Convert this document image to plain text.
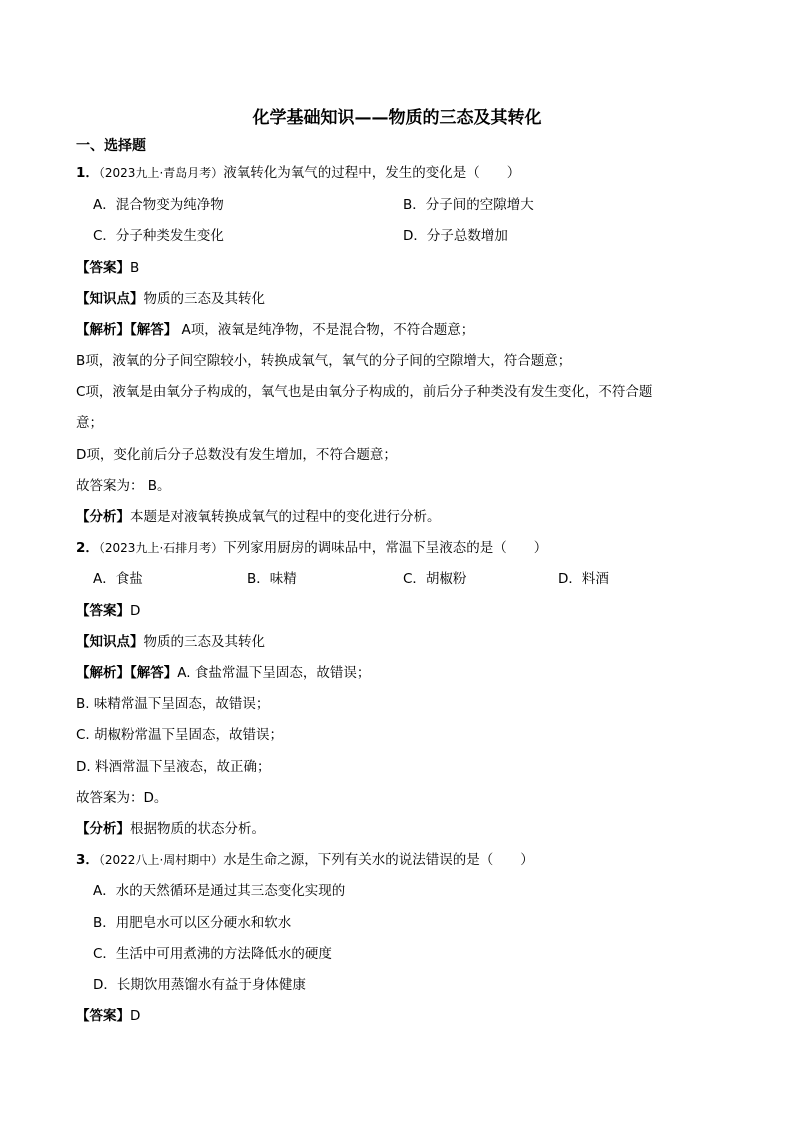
化学基础知识——物质的三态及其转化
一、选择题
1．（2023九上·青岛月考）液氧转化为氧气的过程中，发生的变化是（　　）
A．混合物变为纯净物	B．分子间的空隙增大
C．分子种类发生变化	D．分子总数增加
【答案】B
【知识点】物质的三态及其转化
【解析】【解答】 A项，液氧是纯净物，不是混合物，不符合题意；
B项，液氧的分子间空隙较小，转换成氧气，氧气的分子间的空隙增大，符合题意；
C项，液氧是由氧分子构成的，氧气也是由氧分子构成的，前后分子种类没有发生变化，不符合题
意；
D项，变化前后分子总数没有发生增加，不符合题意；
故答案为： B。
【分析】本题是对液氧转换成氧气的过程中的变化进行分析。
2．（2023九上·石排月考）下列家用厨房的调味品中，常温下呈液态的是（　　）
A．食盐	B．味精	C．胡椒粉	D．料酒
【答案】D
【知识点】物质的三态及其转化
【解析】【解答】A. 食盐常温下呈固态，故错误；
B. 味精常温下呈固态，故错误；
C. 胡椒粉常温下呈固态，故错误；
D. 料酒常温下呈液态，故正确；
故答案为：D。
【分析】根据物质的状态分析。
3．（2022八上·周村期中）水是生命之源，下列有关水的说法错误的是（　　）
A．水的天然循环是通过其三态变化实现的
B．用肥皂水可以区分硬水和软水
C．生活中可用煮沸的方法降低水的硬度
D．长期饮用蒸馏水有益于身体健康
【答案】D
